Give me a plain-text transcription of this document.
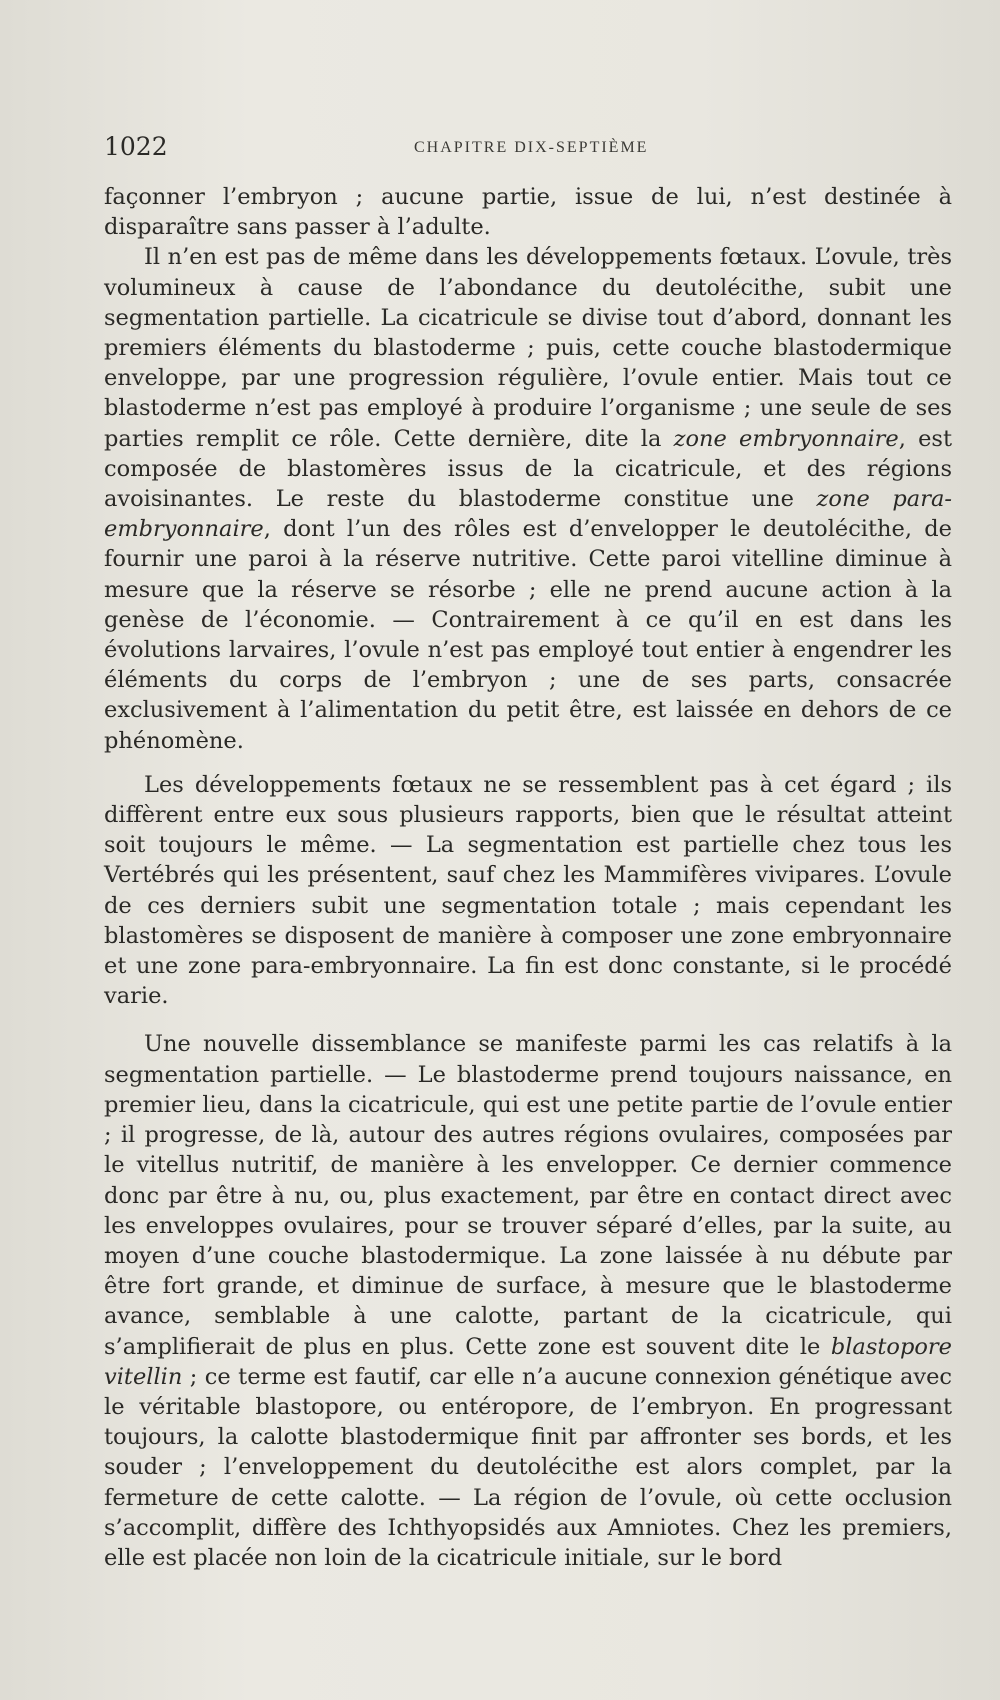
1022	CHAPITRE DIX-SEPTIÈME

façonner l’embryon ; aucune partie, issue de lui, n’est destinée à disparaître sans passer à l’adulte.

Il n’en est pas de même dans les développements fœtaux. L’ovule, très volumineux à cause de l’abondance du deutolécithe, subit une segmentation partielle. La cicatricule se divise tout d’abord, donnant les premiers éléments du blastoderme ; puis, cette couche blastodermique enveloppe, par une progression régulière, l’ovule entier. Mais tout ce blastoderme n’est pas employé à produire l’organisme ; une seule de ses parties remplit ce rôle. Cette dernière, dite la zone embryonnaire, est composée de blastomères issus de la cicatricule, et des régions avoisinantes. Le reste du blastoderme constitue une zone para-embryonnaire, dont l’un des rôles est d’envelopper le deutolécithe, de fournir une paroi à la réserve nutritive. Cette paroi vitelline diminue à mesure que la réserve se résorbe ; elle ne prend aucune action à la genèse de l’économie. — Contrairement à ce qu’il en est dans les évolutions larvaires, l’ovule n’est pas employé tout entier à engendrer les éléments du corps de l’embryon ; une de ses parts, consacrée exclusivement à l’alimentation du petit être, est laissée en dehors de ce phénomène.

Les développements fœtaux ne se ressemblent pas à cet égard ; ils diffèrent entre eux sous plusieurs rapports, bien que le résultat atteint soit toujours le même. — La segmentation est partielle chez tous les Vertébrés qui les présentent, sauf chez les Mammifères vivipares. L’ovule de ces derniers subit une segmentation totale ; mais cependant les blastomères se disposent de manière à composer une zone embryonnaire et une zone para-embryonnaire. La fin est donc constante, si le procédé varie.

Une nouvelle dissemblance se manifeste parmi les cas relatifs à la segmentation partielle. — Le blastoderme prend toujours naissance, en premier lieu, dans la cicatricule, qui est une petite partie de l’ovule entier ; il progresse, de là, autour des autres régions ovulaires, composées par le vitellus nutritif, de manière à les envelopper. Ce dernier commence donc par être à nu, ou, plus exactement, par être en contact direct avec les enveloppes ovulaires, pour se trouver séparé d’elles, par la suite, au moyen d’une couche blastodermique. La zone laissée à nu débute par être fort grande, et diminue de surface, à mesure que le blastoderme avance, semblable à une calotte, partant de la cicatricule, qui s’amplifierait de plus en plus. Cette zone est souvent dite le blastopore vitellin ; ce terme est fautif, car elle n’a aucune connexion génétique avec le véritable blastopore, ou entéropore, de l’embryon. En progressant toujours, la calotte blastodermique finit par affronter ses bords, et les souder ; l’enveloppement du deutolécithe est alors complet, par la fermeture de cette calotte. — La région de l’ovule, où cette occlusion s’accomplit, diffère des Ichthyopsidés aux Amniotes. Chez les premiers, elle est placée non loin de la cicatricule initiale, sur le bord
